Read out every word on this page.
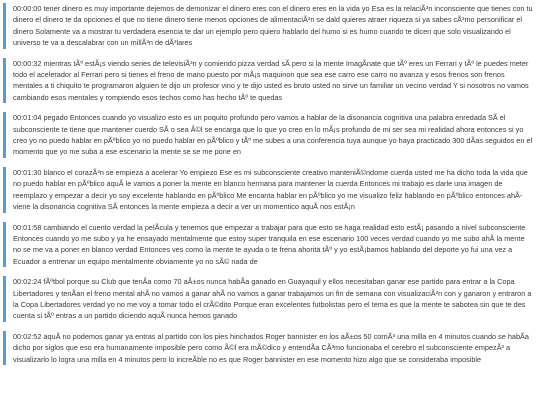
00:00:00 tener dinero es muy importante dejemos de demonizar el dinero eres con el dinero eres en la vida yo Esa es la relaciÃ³n inconsciente que tienes con tu dinero el dinero te da opciones el que no tiene dinero tiene menos opciones de alimentaciÃ³n se dald quieres atraer riqueza si ya sabes cÃ³mo personificar el dinero Solamente va a mostrar tu verdadera esencia te dar un ejemplo pero quiero hablarlo del humo si es humo cuando te dicen que solo visualizando el universo te va a descalabrar con un millÃ³n de dÃ³lares
00:00:32 mientras tÃº estÃ¡s viendo series de televisiÃ³n y comiendo pizza verdad sÃ pero si la mente ImagÃnate que tÃº eres un Ferrari y tÃº le puedes meter todo el acelerador al Ferrari pero si tienes el freno de mano puesto por mÃ¡s maquinon que sea ese carro ese carro no avanza y esos frenos son frenos mentales a ti chiquito te programaron alguien te dijo un profesor vino y te dijo usted es bruto usted no sirve un familiar un vecino verdad Y si nosotros no vamos cambiando esos mentales y rompiendo esos techos como has hecho tÃº te quedas
00:01:04 pegado Entonces cuando yo visualizo esto es un poquito profundo pero vamos a hablar de la disonancia cognitiva una palabra enredada SÃ el subconsciente te tiene que mantener cuerdo SÃ o sea Ã©l se encarga que lo que yo creo en lo mÃ¡s profundo de mi ser sea mi realidad ahora entonces si yo creo yo no puedo hablar en pÃºblico yo no puedo hablar en pÃºblico y tÃº me subes a una conferencia tuya aunque yo haya practicado 300 dÃas seguidos en el momento que yo me suba a ese escenario la mente se se me pone en
00:01:30 blanco el corazÃ³n se empieza a acelerar Yo empiezo Ese es mi subconsciente creativo manteniÃ©ndome cuerda usted me ha dicho toda la vida que no puedo hablar en pÃºblico aquÃ le vamos a poner la mente en blanco hermana para mantener la cuerda Entonces mi trabajo es darle una imagen de reemplazo y empezar a decir yo soy excelente hablando en pÃºblico Me encanta hablar en pÃºblico yo me visualizo feliz hablando en pÃºblico entonces ahÃ viene la disonancia cognitiva SÃ entonces la mente empieza a decir a ver un momentico aquÃ nos estÃ¡n
00:01:58 cambiando el cuento verdad la pelÃcula y tenemos que empezar a trabajar para que esto se haga realidad esto estÃ¡ pasando a nivel subconsciente Entonces cuando yo me subo y ya he ensayado mentalmente que estoy super tranquila en ese escenario 100 veces verdad cuando yo me subo ahÃ la mente no se me va a poner en blanco verdad Entonces ves como la mente te ayuda o te frena ahorita tÃº y yo estÃ¡bamos hablando del deporte yo fui una vez a Ecuador a entrenar un equipo mentalmente obviamente yo no sÃ© nada de
00:02:24 fÃºtbol porque su Club que tenÃa como 70 aÃ±os nunca habÃa ganado en Guayaquil y ellos necesitaban ganar ese partido para entrar a la Copa Libertadores y tenÃan el freno mental ahÃ no vamos a ganar ahÃ no vamos a ganar trabajamos un fin de semana con visualizaciÃ³n con y ganaron y entraron a la Copa Libertadores verdad yo no me voy a tomar todo el crÃ©dito Porque eran excelentes futbolistas pero el tema es que la mente te sabotea sin que te des cuenta si tÃº entras a un partido diciendo aquÃ nunca hemos ganado
00:02:52 aquÃ no podemos ganar ya entras al partido con los pies hinchados Roger bannister en los aÃ±os 50 corriÃ³ una milla en 4 minutos cuando se habÃa dicho por siglos que eso era humanamente imposible pero como Ã©l era mÃ©dico y entendÃa CÃ³mo funcionaba el cerebro el subconsciente empezÃ³ a visualizarlo lo logra una milla en 4 minutos pero lo increÃble no es que Roger bannister en ese momento hizo algo que se consideraba imposible
